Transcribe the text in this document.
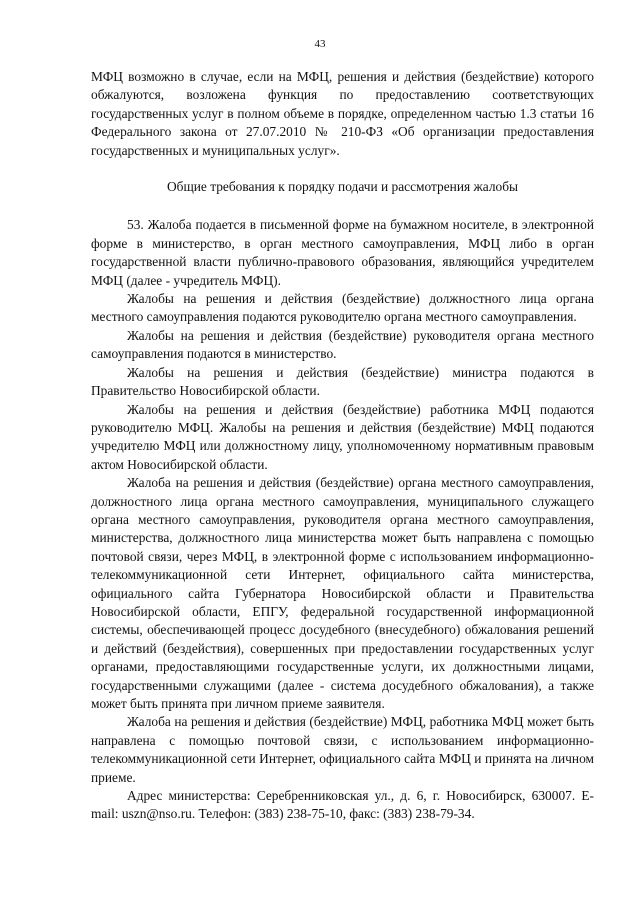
43

МФЦ возможно в случае, если на МФЦ, решения и действия (бездействие) которого обжалуются, возложена функция по предоставлению соответствующих государственных услуг в полном объеме в порядке, определенном частью 1.3 статьи 16 Федерального закона от 27.07.2010 № 210-ФЗ «Об организации предоставления государственных и муниципальных услуг».

Общие требования к порядку подачи и рассмотрения жалобы

53. Жалоба подается в письменной форме на бумажном носителе, в электронной форме в министерство, в орган местного самоуправления, МФЦ либо в орган государственной власти публично-правового образования, являющийся учредителем МФЦ (далее - учредитель МФЦ).

Жалобы на решения и действия (бездействие) должностного лица органа местного самоуправления подаются руководителю органа местного самоуправления.

Жалобы на решения и действия (бездействие) руководителя органа местного самоуправления подаются в министерство.

Жалобы на решения и действия (бездействие) министра подаются в Правительство Новосибирской области.

Жалобы на решения и действия (бездействие) работника МФЦ подаются руководителю МФЦ. Жалобы на решения и действия (бездействие) МФЦ подаются учредителю МФЦ или должностному лицу, уполномоченному нормативным правовым актом Новосибирской области.

Жалоба на решения и действия (бездействие) органа местного самоуправления, должностного лица органа местного самоуправления, муниципального служащего органа местного самоуправления, руководителя органа местного самоуправления, министерства, должностного лица министерства может быть направлена с помощью почтовой связи, через МФЦ, в электронной форме с использованием информационно-телекоммуникационной сети Интернет, официального сайта министерства, официального сайта Губернатора Новосибирской области и Правительства Новосибирской области, ЕПГУ, федеральной государственной информационной системы, обеспечивающей процесс досудебного (внесудебного) обжалования решений и действий (бездействия), совершенных при предоставлении государственных услуг органами, предоставляющими государственные услуги, их должностными лицами, государственными служащими (далее - система досудебного обжалования), а также может быть принята при личном приеме заявителя.

Жалоба на решения и действия (бездействие) МФЦ, работника МФЦ может быть направлена с помощью почтовой связи, с использованием информационно-телекоммуникационной сети Интернет, официального сайта МФЦ и принята на личном приеме.

Адрес министерства: Серебренниковская ул., д. 6, г. Новосибирск, 630007. E-mail: uszn@nso.ru. Телефон: (383) 238-75-10, факс: (383) 238-79-34.
